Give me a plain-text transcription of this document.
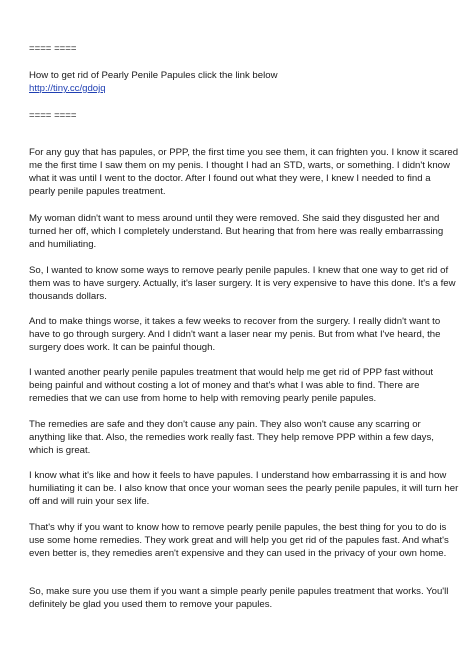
==== ====
How to get rid of Pearly Penile Papules click the link below
http://tiny.cc/gdojq
==== ====

For any guy that has papules, or PPP, the first time you see them, it can frighten you. I know it scared me the first time I saw them on my penis. I thought I had an STD, warts, or something. I didn't know what it was until I went to the doctor. After I found out what they were, I knew I needed to find a pearly penile papules treatment.

My woman didn't want to mess around until they were removed. She said they disgusted her and turned her off, which I completely understand. But hearing that from here was really embarrassing and humiliating.

So, I wanted to know some ways to remove pearly penile papules. I knew that one way to get rid of them was to have surgery. Actually, it's laser surgery. It is very expensive to have this done. It's a few thousands dollars.

And to make things worse, it takes a few weeks to recover from the surgery. I really didn't want to have to go through surgery. And I didn't want a laser near my penis. But from what I've heard, the surgery does work. It can be painful though.

I wanted another pearly penile papules treatment that would help me get rid of PPP fast without being painful and without costing a lot of money and that's what I was able to find. There are remedies that we can use from home to help with removing pearly penile papules.

The remedies are safe and they don't cause any pain. They also won't cause any scarring or anything like that. Also, the remedies work really fast. They help remove PPP within a few days, which is great.

I know what it's like and how it feels to have papules. I understand how embarrassing it is and how humiliating it can be. I also know that once your woman sees the pearly penile papules, it will turn her off and will ruin your sex life.

That's why if you want to know how to remove pearly penile papules, the best thing for you to do is use some home remedies. They work great and will help you get rid of the papules fast. And what's even better is, they remedies aren't expensive and they can used in the privacy of your own home.

So, make sure you use them if you want a simple pearly penile papules treatment that works. You'll definitely be glad you used them to remove your papules.
